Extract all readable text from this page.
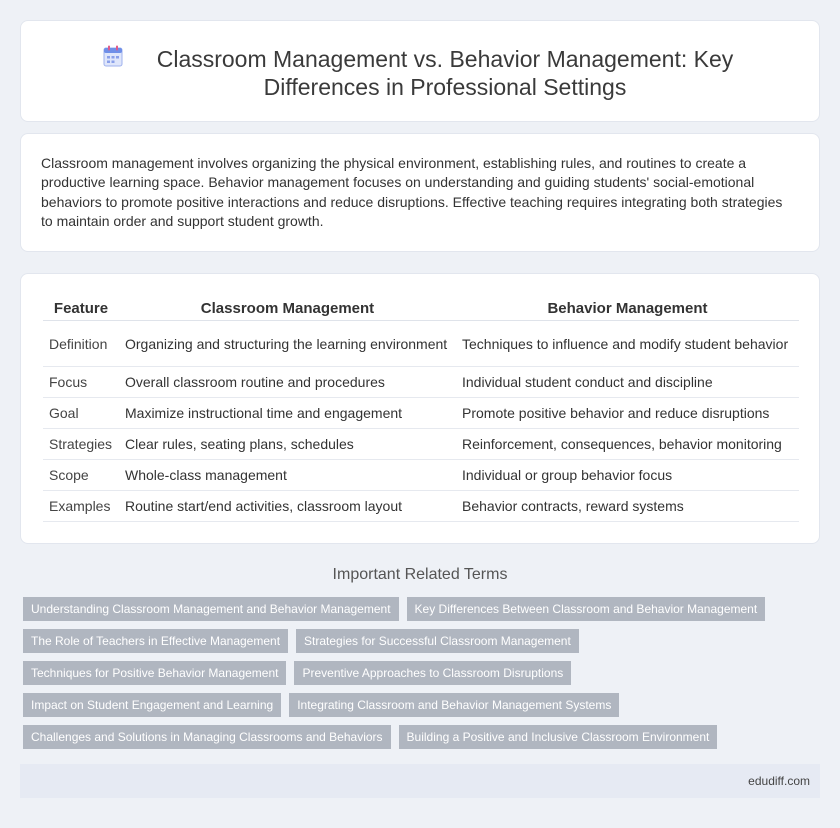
Classroom Management vs. Behavior Management: Key Differences in Professional Settings

Classroom management involves organizing the physical environment, establishing rules, and routines to create a productive learning space. Behavior management focuses on understanding and guiding students' social-emotional behaviors to promote positive interactions and reduce disruptions. Effective teaching requires integrating both strategies to maintain order and support student growth.

Feature	Classroom Management	Behavior Management
Definition	Organizing and structuring the learning environment	Techniques to influence and modify student behavior
Focus	Overall classroom routine and procedures	Individual student conduct and discipline
Goal	Maximize instructional time and engagement	Promote positive behavior and reduce disruptions
Strategies	Clear rules, seating plans, schedules	Reinforcement, consequences, behavior monitoring
Scope	Whole-class management	Individual or group behavior focus
Examples	Routine start/end activities, classroom layout	Behavior contracts, reward systems
Important Related Terms
Understanding Classroom Management and Behavior Management	Key Differences Between Classroom and Behavior Management
The Role of Teachers in Effective Management	Strategies for Successful Classroom Management
Techniques for Positive Behavior Management	Preventive Approaches to Classroom Disruptions
Impact on Student Engagement and Learning	Integrating Classroom and Behavior Management Systems
Challenges and Solutions in Managing Classrooms and Behaviors	Building a Positive and Inclusive Classroom Environment
edudiff.com
